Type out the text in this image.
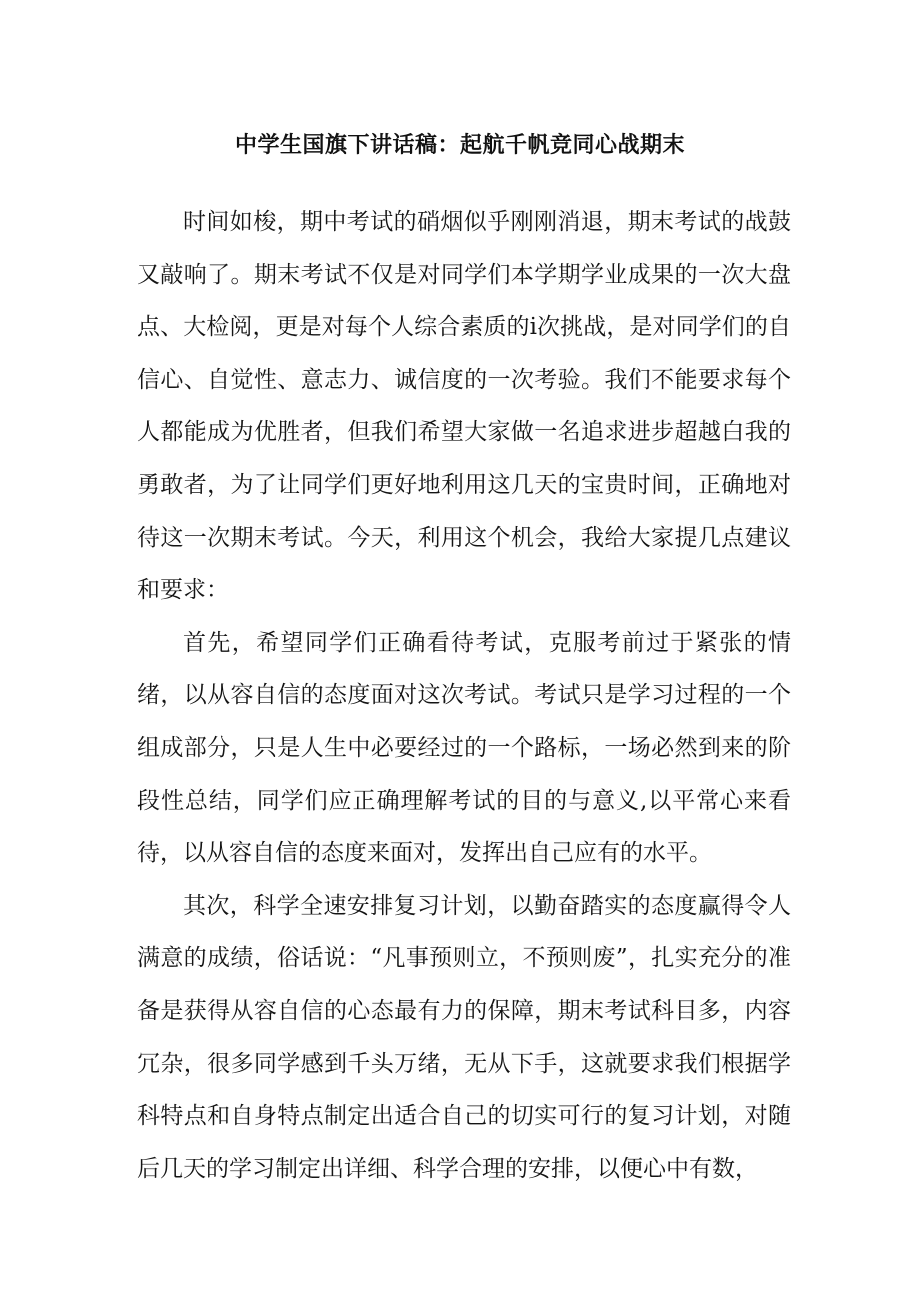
中学生国旗下讲话稿：起航千帆竞同心战期末

时间如梭，期中考试的硝烟似乎刚刚消退，期末考试的战鼓又敲响了。期末考试不仅是对同学们本学期学业成果的一次大盘点、大检阅，更是对每个人综合素质的i次挑战，是对同学们的自信心、自觉性、意志力、诚信度的一次考验。我们不能要求每个人都能成为优胜者，但我们希望大家做一名追求进步超越白我的勇敢者，为了让同学们更好地利用这几天的宝贵时间，正确地对待这一次期末考试。今天，利用这个机会，我给大家提几点建议和要求：

首先，希望同学们正确看待考试，克服考前过于紧张的情绪，以从容自信的态度面对这次考试。考试只是学习过程的一个组成部分，只是人生中必要经过的一个路标，一场必然到来的阶段性总结，同学们应正确理解考试的目的与意义,以平常心来看待，以从容自信的态度来面对，发挥出自己应有的水平。

其次，科学全速安排复习计划，以勤奋踏实的态度赢得令人满意的成绩，俗话说：“凡事预则立，不预则废”，扎实充分的准备是获得从容自信的心态最有力的保障，期末考试科目多，内容冗杂，很多同学感到千头万绪，无从下手，这就要求我们根据学科特点和自身特点制定出适合自己的切实可行的复习计划，对随后几天的学习制定出详细、科学合理的安排，以便心中有数，
